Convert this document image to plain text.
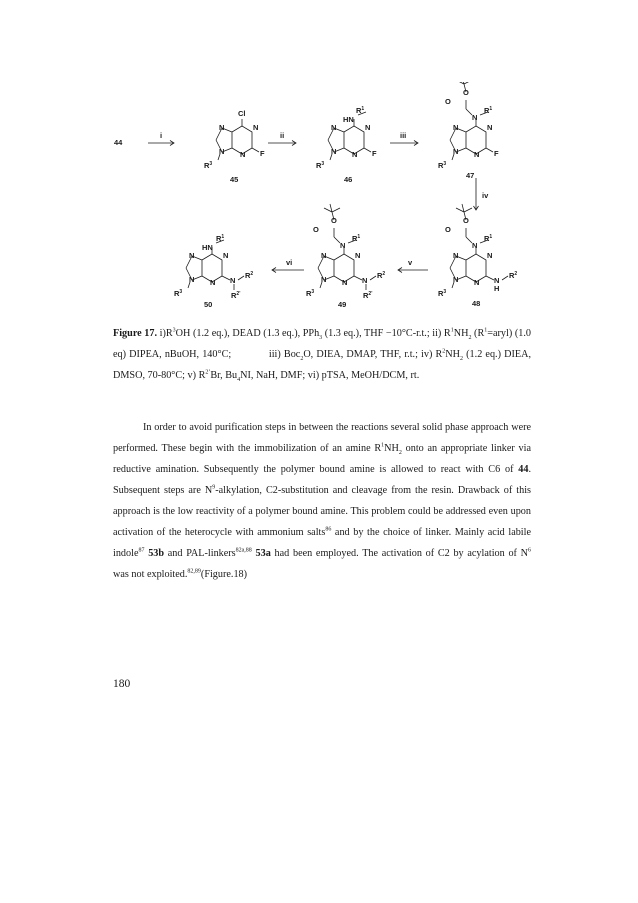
44
i	ii	iii
iv
v
vi
Cl
N	N
N
N	F
$R^3$
45
HN
$R^1$
N	N
N
N	F
$R^3$
46
O
O
N
$R^1$
N	N
N
N	F
$R^3$
47
O
O
N
$R^1$
N	N
N
N	N
H
$R^2$
$R^3$
48
O
O
N
$R^1$
N	N
N
N	N
$R^2$
$R^{2'}$
$R^3$
49
HN
$R^1$
N	N
N
N	N
$R^2$
$R^{2'}$
$R^3$
50
Figure 17. $i)R^3OH$ (1.2 eq.), DEAD (1.3 eq.), PPh$_3$ (1.3 eq.), THF −10°C-r.t.; ii) $R^1NH_2$ $(R^1=aryl)$ (1.0 eq) DIPEA, nBuOH, 140°C;	iii) Boc$_2$O, DIEA, DMAP, THF, r.t.; iv) $R^2NH_2$ (1.2 eq.) DIEA, DMSO, 70-80°C; v) $R^{2’}Br$, $Bu_4NI$, NaH, DMF; vi) pTSA, MeOH/DCM, rt.
In order to avoid purification steps in between the reactions several solid phase approach were performed. These begin with the immobilization of an amine $R^1NH_2$ onto an appropriate linker via reductive amination. Subsequently the polymer bound amine is allowed to react with C6 of 44. Subsequent steps are $N^9$-alkylation, C2-substitution and cleavage from the resin. Drawback of this approach is the low reactivity of a polymer bound amine. This problem could be addressed even upon activation of the heterocycle with ammonium salts$^{86}$ and by the choice of linker. Mainly acid labile indole$^{87}$ 53b and PAL-linkers$^{82a,88}$ 53a had been employed. The activation of C2 by acylation of $N^6$ was not exploited.$^{82,89}$(Figure.18)
180
